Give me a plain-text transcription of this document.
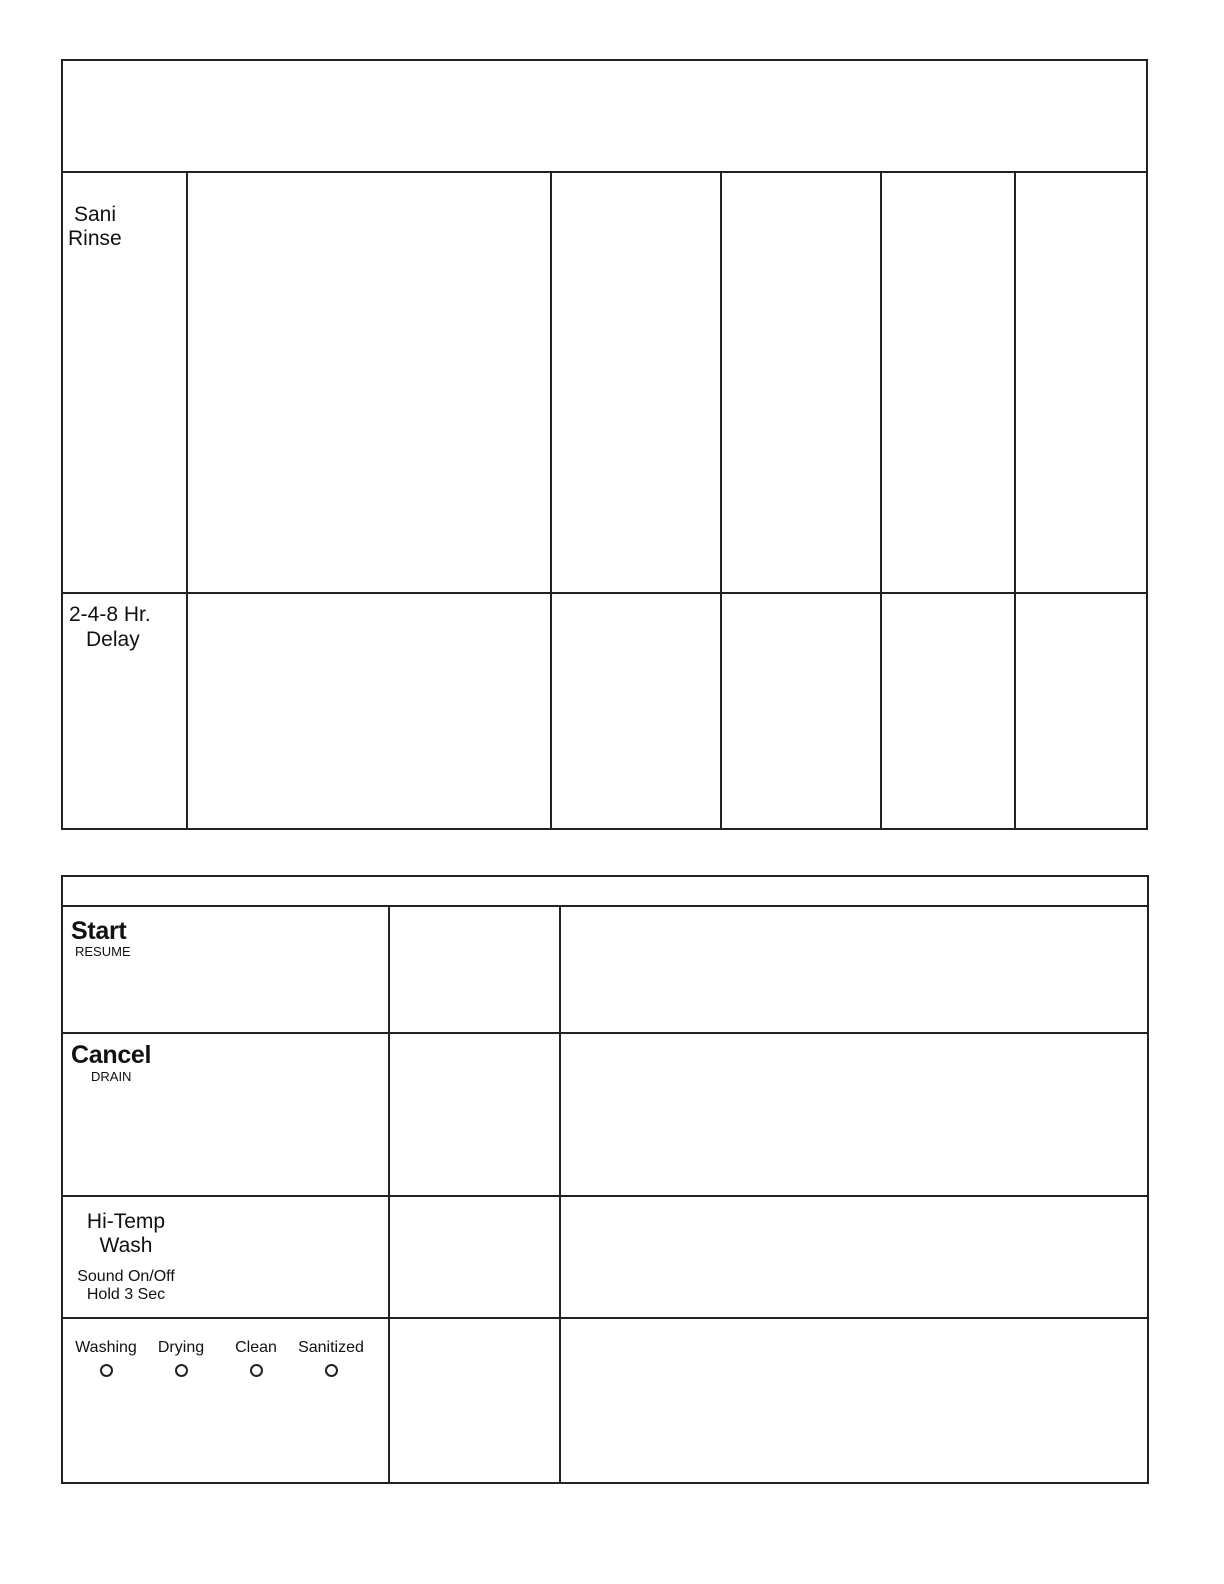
Sani
Rinse
2-4-8 Hr.
Delay
Start
RESUME
Cancel
DRAIN
Hi-Temp
Wash
Sound On/Off
Hold 3 Sec
Washing	Drying	Clean	Sanitized
